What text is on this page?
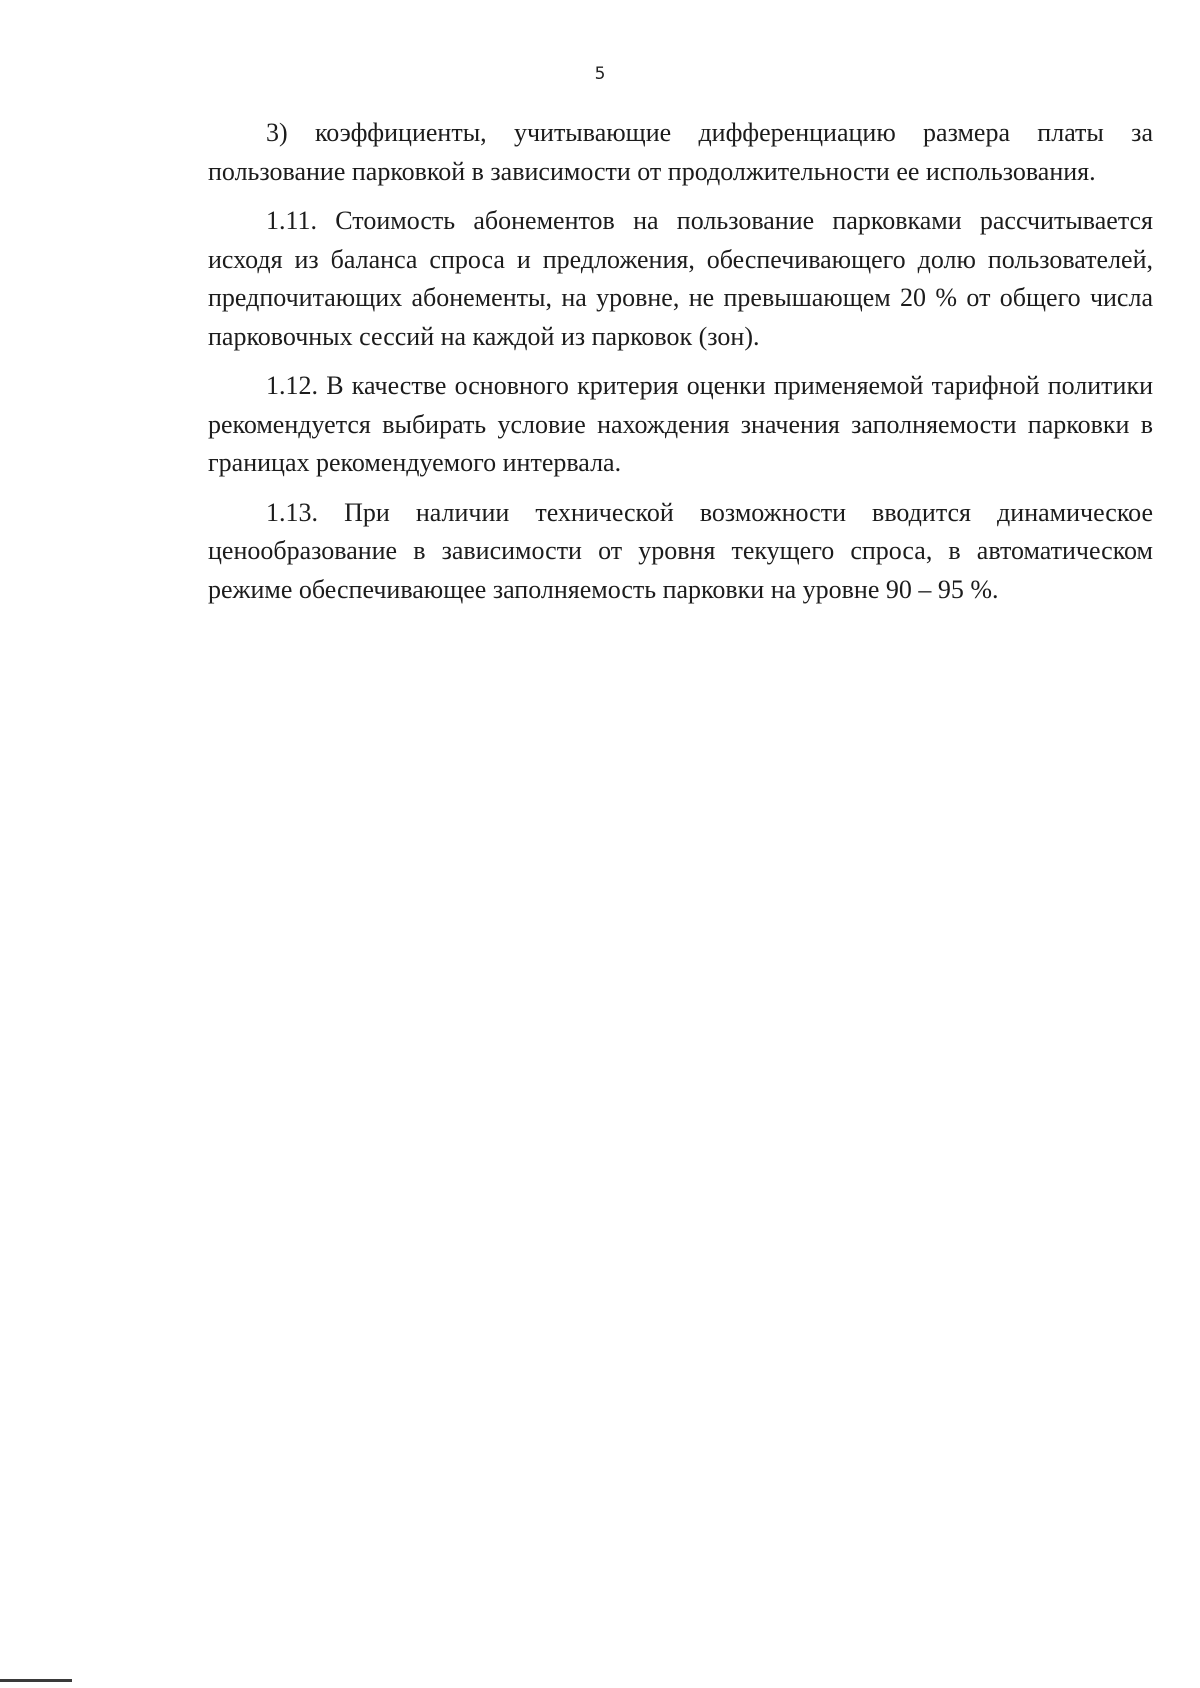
5

3) коэффициенты, учитывающие дифференциацию размера платы за пользование парковкой в зависимости от продолжительности ее использования.

1.11. Стоимость абонементов на пользование парковками рассчитывается исходя из баланса спроса и предложения, обеспечивающего долю пользователей, предпочитающих абонементы, на уровне, не превышающем 20 % от общего числа парковочных сессий на каждой из парковок (зон).

1.12. В качестве основного критерия оценки применяемой тарифной политики рекомендуется выбирать условие нахождения значения заполняемости парковки в границах рекомендуемого интервала.

1.13. При наличии технической возможности вводится динамическое ценообразование в зависимости от уровня текущего спроса, в автоматическом режиме обеспечивающее заполняемость парковки на уровне 90 – 95 %.
